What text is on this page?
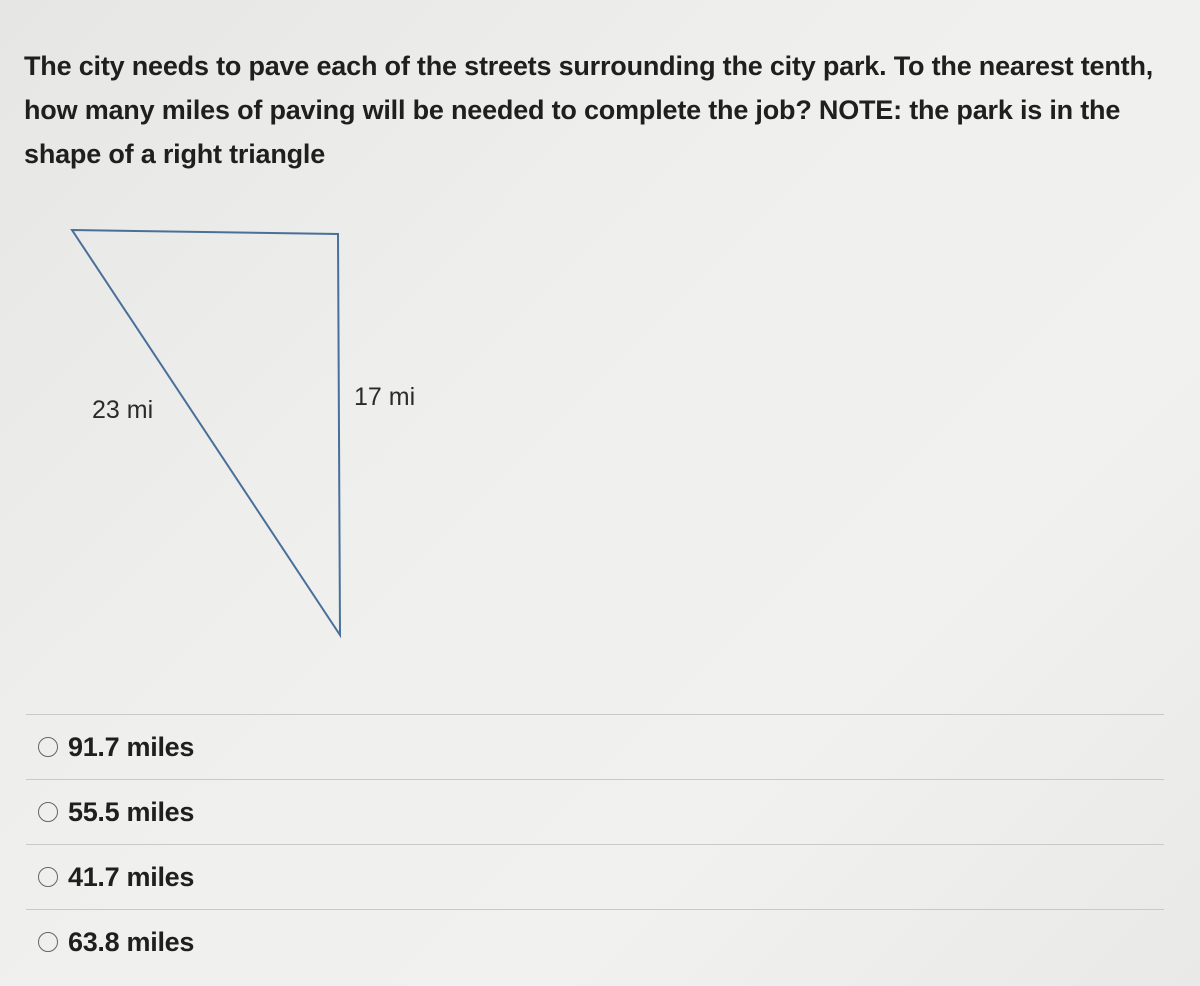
The city needs to pave each of the streets surrounding the city park. To the nearest tenth, how many miles of paving will be needed to complete the job? NOTE: the park is in the shape of a right triangle

23 mi	17 mi
91.7 miles
55.5 miles
41.7 miles
63.8 miles
